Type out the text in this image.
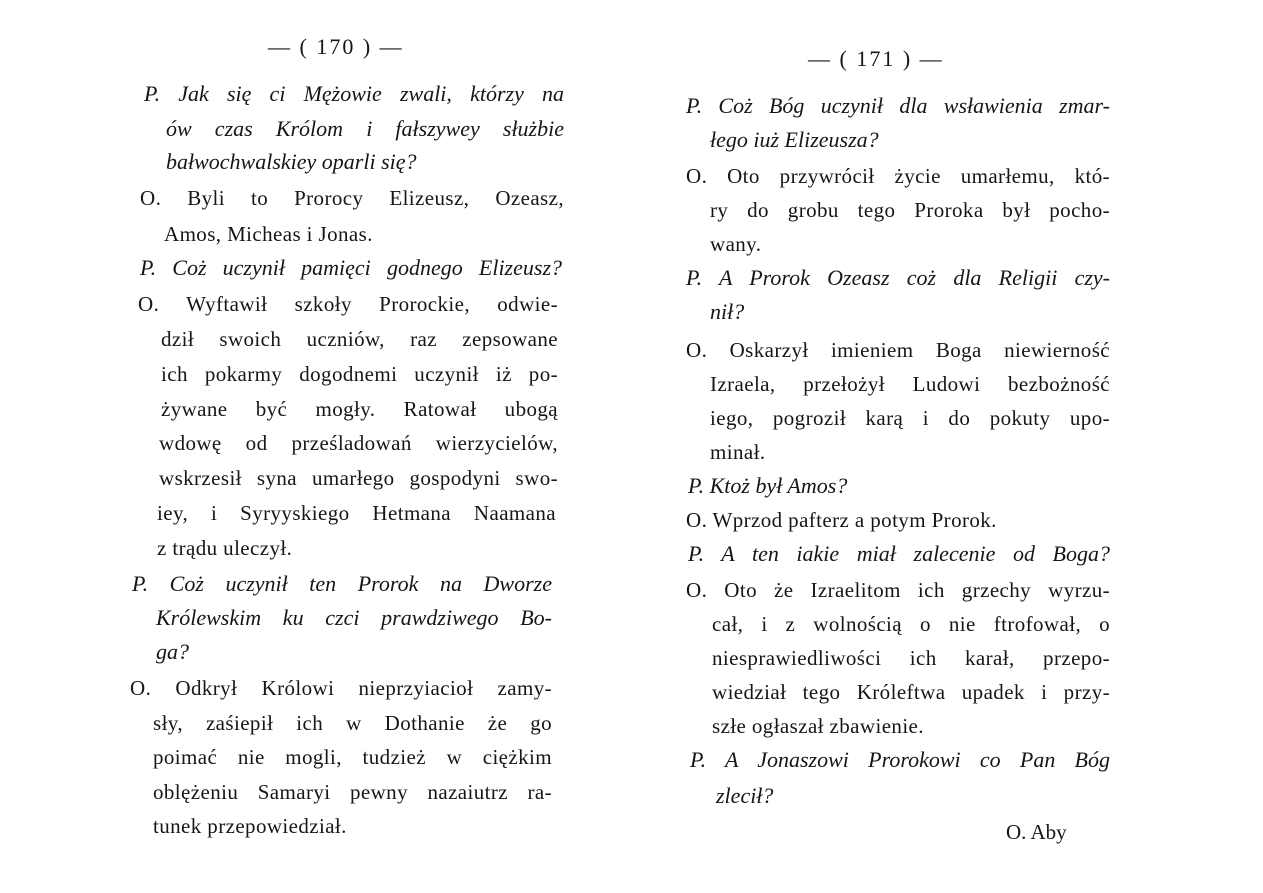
— ( 170 ) —
P. Jak się ci Mężowie zwali, którzy na
ów czas Królom i fałszywey służbie
bałwochwalskiey oparli się?
O. Byli to Prorocy Elizeusz, Ozeasz,
Amos, Micheas i Jonas.
P. Coż uczynił pamięci godnego Elizeusz?
O. Wyftawił szkoły Prorockie, odwie-
dził swoich uczniów, raz zepsowane
ich pokarmy dogodnemi uczynił iż po-
żywane być mogły. Ratował ubogą
wdowę od prześladowań wierzycielów,
wskrzesił syna umarłego gospodyni swo-
iey, i Syryyskiego Hetmana Naamana
z trądu uleczył.
P. Coż uczynił ten Prorok na Dworze
Królewskim ku czci prawdziwego Bo-
ga?
O. Odkrył Królowi nieprzyiacioł zamy-
sły, zaśiepił ich w Dothanie że go
poimać nie mogli, tudzież w ciężkim
oblężeniu Samaryi pewny nazaiutrz ra-
tunek przepowiedział.
— ( 171 ) —
P. Coż Bóg uczynił dla wsławienia zmar-
łego iuż Elizeusza?
O. Oto przywrócił życie umarłemu, któ-
ry do grobu tego Proroka był pocho-
wany.
P. A Prorok Ozeasz coż dla Religii czy-
nił?
O. Oskarzył imieniem Boga niewierność
Izraela, przełożył Ludowi bezbożność
iego, pogroził karą i do pokuty upo-
minał.
P. Ktoż był Amos?
O. Wprzod pafterz a potym Prorok.
P. A ten iakie miał zalecenie od Boga?
O. Oto że Izraelitom ich grzechy wyrzu-
cał, i z wolnością o nie ftrofował, o
niesprawiedliwości ich karał, przepo-
wiedział tego Króleftwa upadek i przy-
szłe ogłaszał zbawienie.
P. A Jonaszowi Prorokowi co Pan Bóg
zlecił?
O. Aby
